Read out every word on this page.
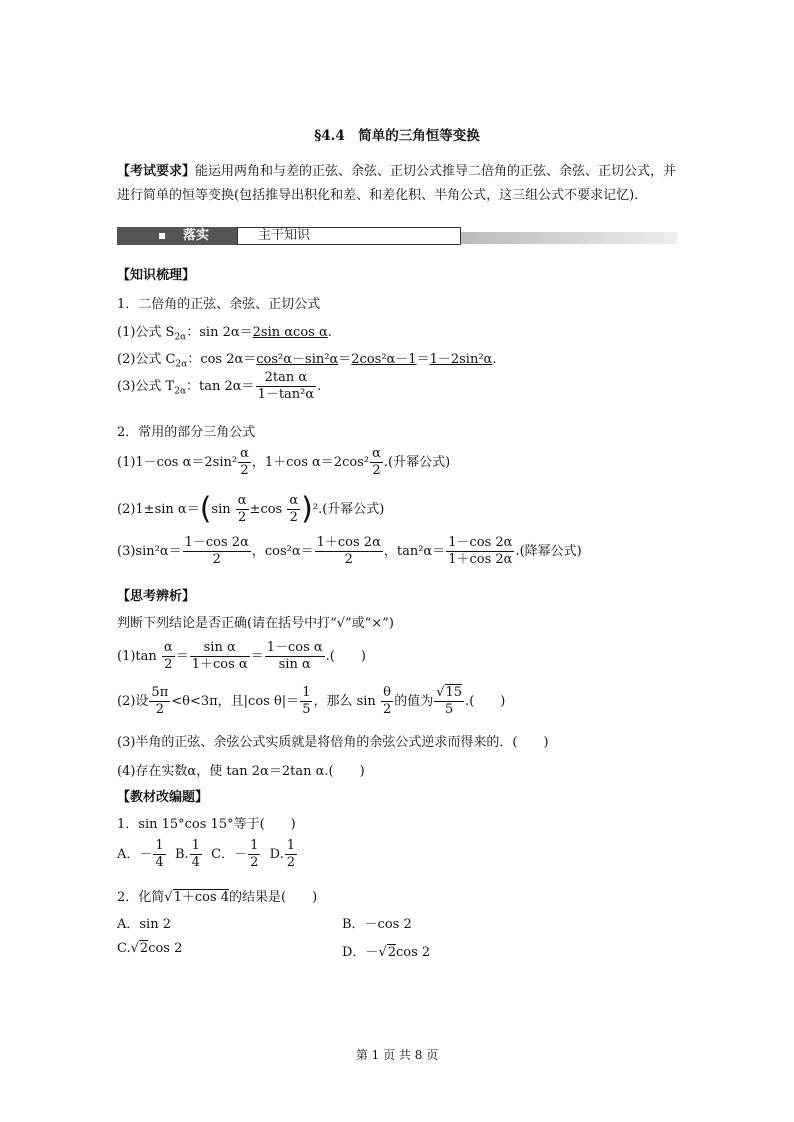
§4.4　简单的三角恒等变换
【考试要求】能运用两角和与差的正弦、余弦、正切公式推导二倍角的正弦、余弦、正切公式，并进行简单的恒等变换(包括推导出积化和差、和差化积、半角公式，这三组公式不要求记忆).
落实	主干知识
【知识梳理】
1．二倍角的正弦、余弦、正切公式
(1)公式 $S_{2\alpha}$：sin 2α＝2sin αcos α.
(2)公式 $C_{2\alpha}$：cos 2α＝cos²α－sin²α＝2cos²α－1＝1－2sin²α.
(3)公式 $T_{2\alpha}$：$\tan 2\alpha= \frac{\text{2tan α}}{\text{1－tan²α}}$ .
2．常用的部分三角公式
(1)1－cos $\alpha=2\sin^2 \frac{\alpha}{2}$ ，1＋cos $\alpha=2\cos^2 \frac{\alpha}{2}$ .(升幂公式)
(2)1±sin $\alpha=(\sin \frac{\alpha}{2} \pm\cos \frac{\alpha}{2} )^2$.(升幂公式)
$(3)\sin^2\alpha= \frac{1-\cos 2\alpha}{2}$ ，$\cos^2\alpha= \frac{1+\cos 2\alpha}{2}$ ，$\tan^2\alpha= \frac{1-\cos 2\alpha}{1+\cos 2\alpha}$ .(降幂公式)
【思考辨析】
判断下列结论是否正确(请在括号中打“√”或“×”)
$(1)\tan \frac{\alpha}{2} = \frac{\text{sin α}}{\text{1＋cos α}} = \frac{\text{1－cos α}}{\text{sin α}}$ .(　　)
(2)设 $\frac{5\pi}{2} <\theta<3\pi$，且|cos $\theta|= \frac{1}{5}$ ，那么 $\sin \frac{\theta}{2}$ 的值为 $\frac{√15}{5}$ .(　　)
(3)半角的正弦、余弦公式实质就是将倍角的余弦公式逆求而得来的．(　　)
(4)存在实数α，使 tan 2α＝2tan α.(　　)
【教材改编题】
1．sin 15°cos 15°等于(　　)
A．－ $\frac{1}{4} B$. $\frac{1}{4}$ C．－ $\frac{1}{2} D$. $\frac{1}{2}$
2．化简√1＋cos 4的结果是(　　)
A．sin 2	B．－cos 2
C.√2cos 2	D．－√2cos 2
第 1 页 共 8 页
